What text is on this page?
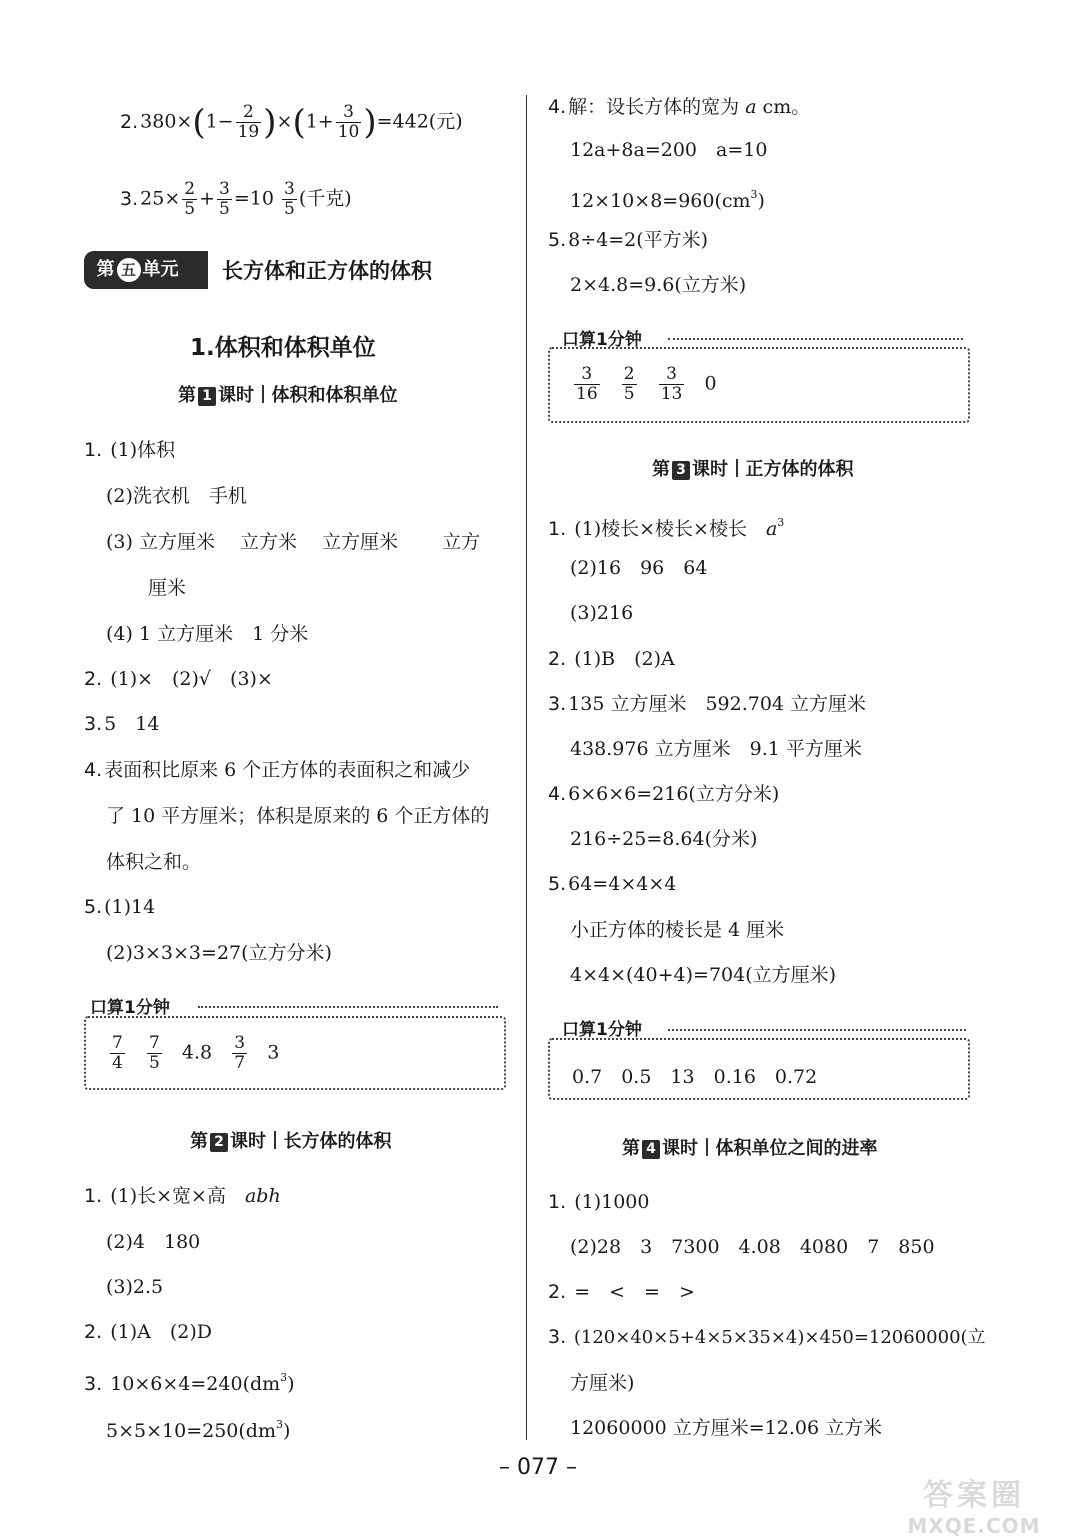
2. $380\times(1- \frac{2}{19} )\times(1+ \frac{3}{10} )=442$(元)
3. $25\times \frac{2}{5} + \frac{3}{5} =10 \frac{3}{5}$ (千克)
第 五 单元	长方体和正方体的体积
1.体积和体积单位
第 1 课时 体积和体积单位
1. (1)体积
(2)洗衣机　手机
(3) 立方厘米　 立方米　 立方厘米　　 立方
厘米
(4) 1 立方厘米　1 分米
2. (1)×　(2)√　(3)×
3. 5　14
4. 表面积比原来 6 个正方体的表面积之和减少
了 10 平方厘米；体积是原来的 6 个正方体的
体积之和。
5. (1)14
(2)3×3×3=27(立方分米)
口算1分钟
$\frac{7}{4}$
$\frac{7}{5} 4.8 \frac{3}{7} 3$
第 2 课时 长方体的体积
1. (1)长×宽×高　abh
(2)4　180
(3)2.5
2. (1)A　(2)D
3. $10\times 6\times 4=240(dm^3)$
$5\times 5\times 10=250(dm^3)$
4. 解：设长方体的宽为 a cm。
12a+8a=200　a=10
$12\times 10\times 8=960(cm^3)$
5. 8÷4=2(平方米)
2×4.8=9.6(立方米)
口算1分钟
$\frac{3}{16}$
$\frac{2}{5}$
$\frac{3}{13} 0$
第 3 课时 正方体的体积
1. (1)棱长×棱长×棱长　$a^3$
(2)16　96　64
(3)216
2. (1)B　(2)A
3. 135 立方厘米　592.704 立方厘米
438.976 立方厘米　9.1 平方厘米
4. 6×6×6=216(立方分米)
216÷25=8.64(分米)
5. 64=4×4×4
小正方体的棱长是 4 厘米
4×4×(40+4)=704(立方厘米)
口算1分钟
0.7　0.5　13　0.16　0.72
第 4 课时 体积单位之间的进率
1. (1)1000
(2)28　3　7300　4.08　4080　7　850
2. =　<　=　>
3. (120×40×5+4×5×35×4)×450=12060000(立
方厘米)
12060000 立方厘米=12.06 立方米
– 077 –
答案圈
MXQE.COM
